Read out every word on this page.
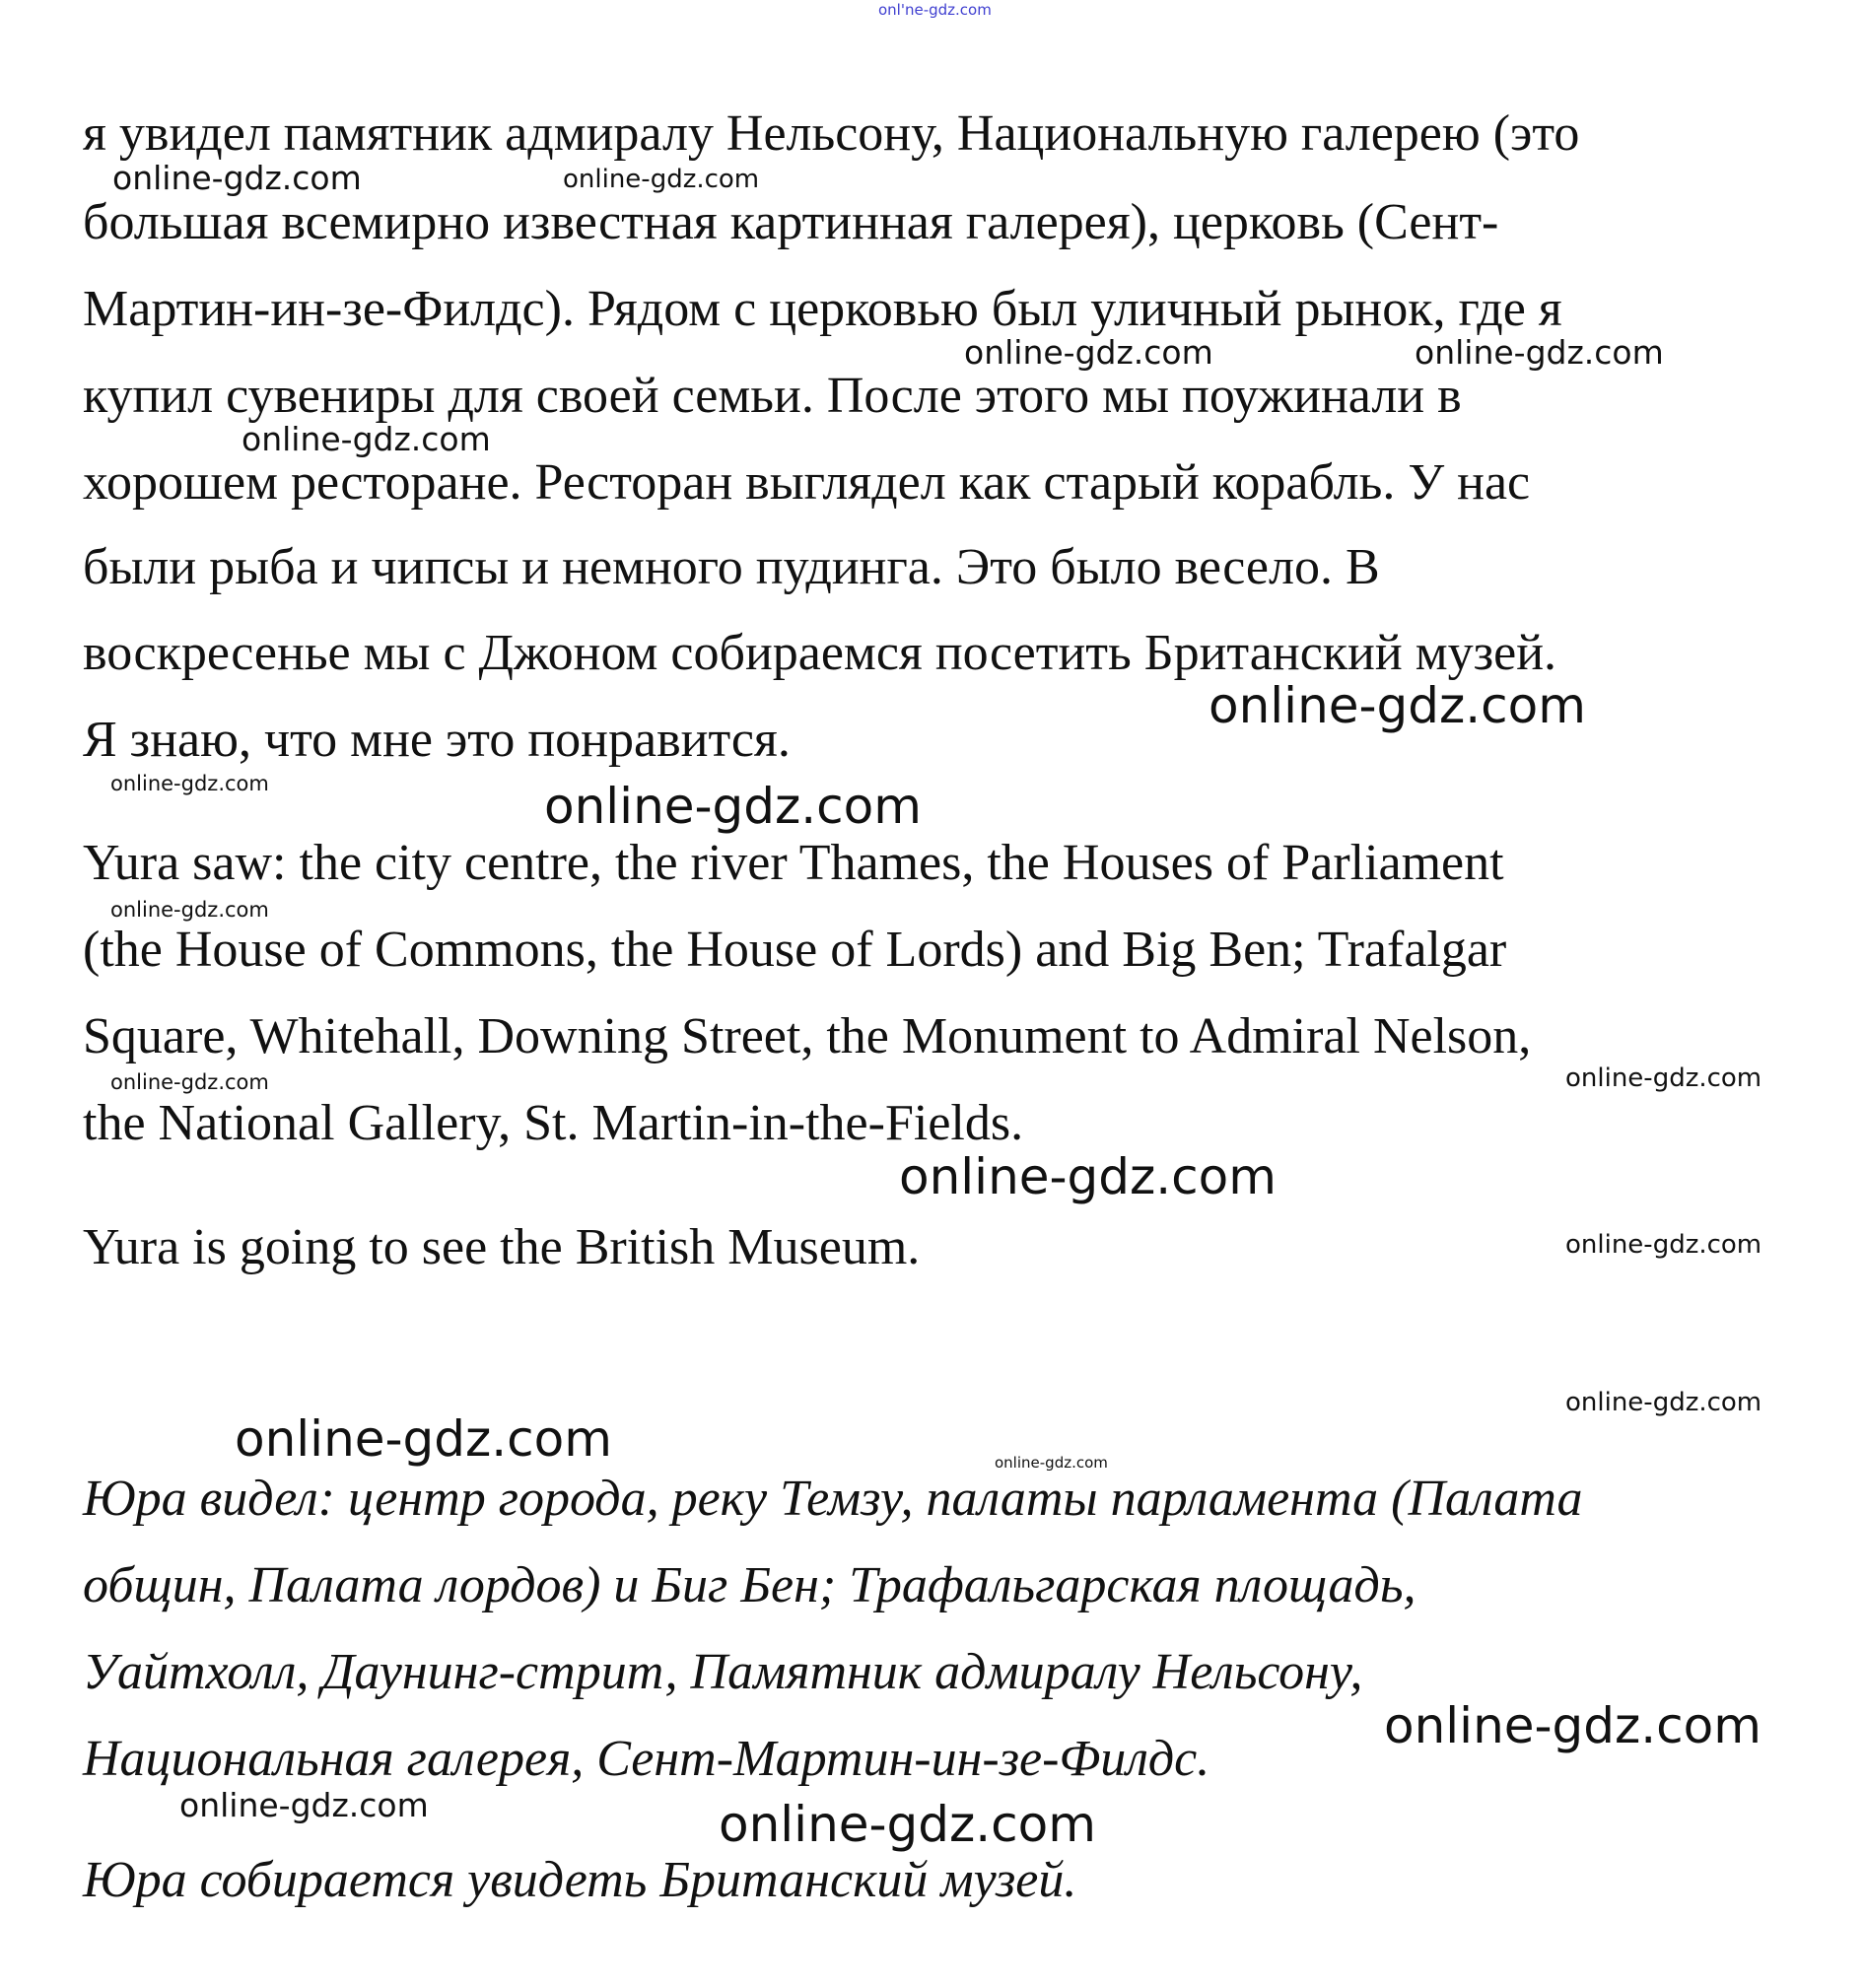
я увидел памятник адмиралу Нельсону, Национальную галерею (это
большая всемирно известная картинная галерея), церковь (Сент-
Мартин-ин-зе-Филдс). Рядом с церковью был уличный рынок, где я
купил сувениры для своей семьи. После этого мы поужинали в
хорошем ресторане. Ресторан выглядел как старый корабль. У нас
были рыба и чипсы и немного пудинга. Это было весело. В
воскресенье мы с Джоном собираемся посетить Британский музей.
Я знаю, что мне это понравится.
Yura saw: the city centre, the river Thames, the Houses of Parliament
(the House of Commons, the House of Lords) and Big Ben; Trafalgar
Square, Whitehall, Downing Street, the Monument to Admiral Nelson,
the National Gallery, St. Martin-in-the-Fields.
Yura is going to see the British Museum.
Юра видел: центр города, реку Темзу, палаты парламента (Палата
общин, Палата лордов) и Биг Бен; Трафальгарская площадь,
Уайтхолл, Даунинг-стрит, Памятник адмиралу Нельсону,
Национальная галерея, Сент-Мартин-ин-зе-Филдс.
Юра собирается увидеть Британский музей.
onl'ne-gdz.com
online-gdz.com	online-gdz.com
online-gdz.com	online-gdz.com
online-gdz.com
online-gdz.com
online-gdz.com	online-gdz.com
online-gdz.com
online-gdz.com
online-gdz.com
online-gdz.com
online-gdz.com
online-gdz.com
online-gdz.com	online-gdz.com
online-gdz.com
online-gdz.com	online-gdz.com
